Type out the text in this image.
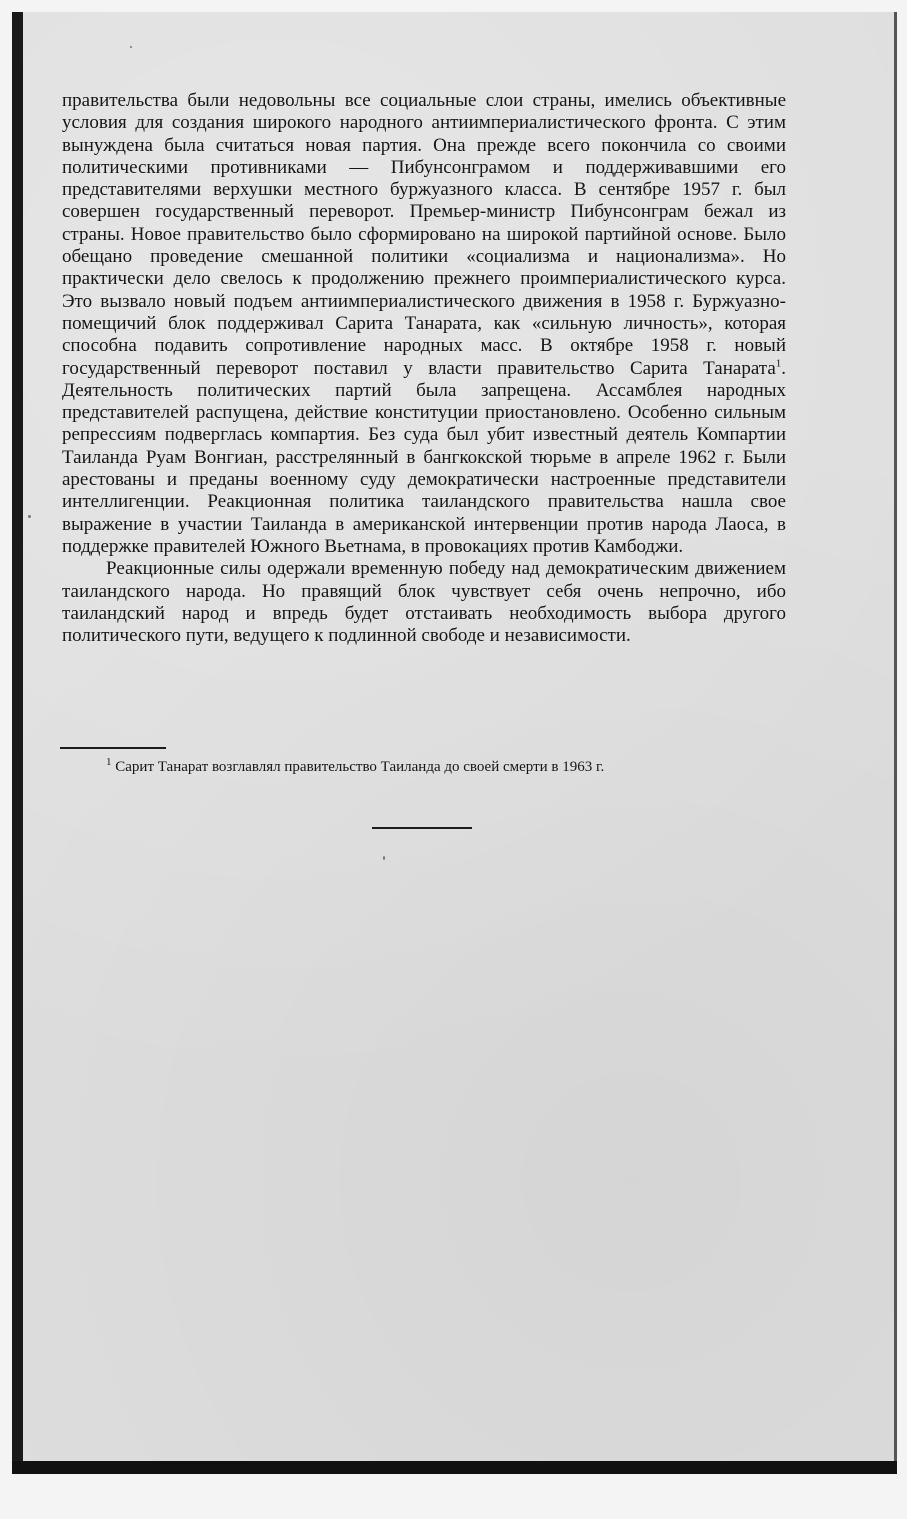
правительства были недовольны все социальные слои страны, имелись объективные условия для создания широкого народного антиимпериалистического фронта. С этим вынуждена была считаться новая партия. Она прежде всего покончила со своими политическими противниками — Пибунсонграмом и поддерживавшими его представителями верхушки местного буржуазного класса. В сентябре 1957 г. был совершен государственный переворот. Премьер-министр Пибунсонграм бежал из страны. Новое правительство было сформировано на широкой партийной основе. Было обещано проведение смешанной политики «социализма и национализма». Но практически дело свелось к продолжению прежнего проимпериалистического курса. Это вызвало новый подъем антиимпериалистического движения в 1958 г. Буржуазно-помещичий блок поддерживал Сарита Танарата, как «сильную личность», которая способна подавить сопротивление народных масс. В октябре 1958 г. новый государственный переворот поставил у власти правительство Сарита Танарата$^1$. Деятельность политических партий была запрещена. Ассамблея народных представителей распущена, действие конституции приостановлено. Особенно сильным репрессиям подверглась компартия. Без суда был убит известный деятель Компартии Таиланда Руам Вонгиан, расстрелянный в бангкокской тюрьме в апреле 1962 г. Были арестованы и преданы военному суду демократически настроенные представители интеллигенции. Реакционная политика таиландского правительства нашла свое выражение в участии Таиланда в американской интервенции против народа Лаоса, в поддержке правителей Южного Вьетнама, в провокациях против Камбоджи.

Реакционные силы одержали временную победу над демократическим движением таиландского народа. Но правящий блок чувствует себя очень непрочно, ибо таиландский народ и впредь будет отстаивать необходимость выбора другого политического пути, ведущего к подлинной свободе и независимости.

$^1$ Сарит Танарат возглавлял правительство Таиланда до своей смерти в 1963 г.
